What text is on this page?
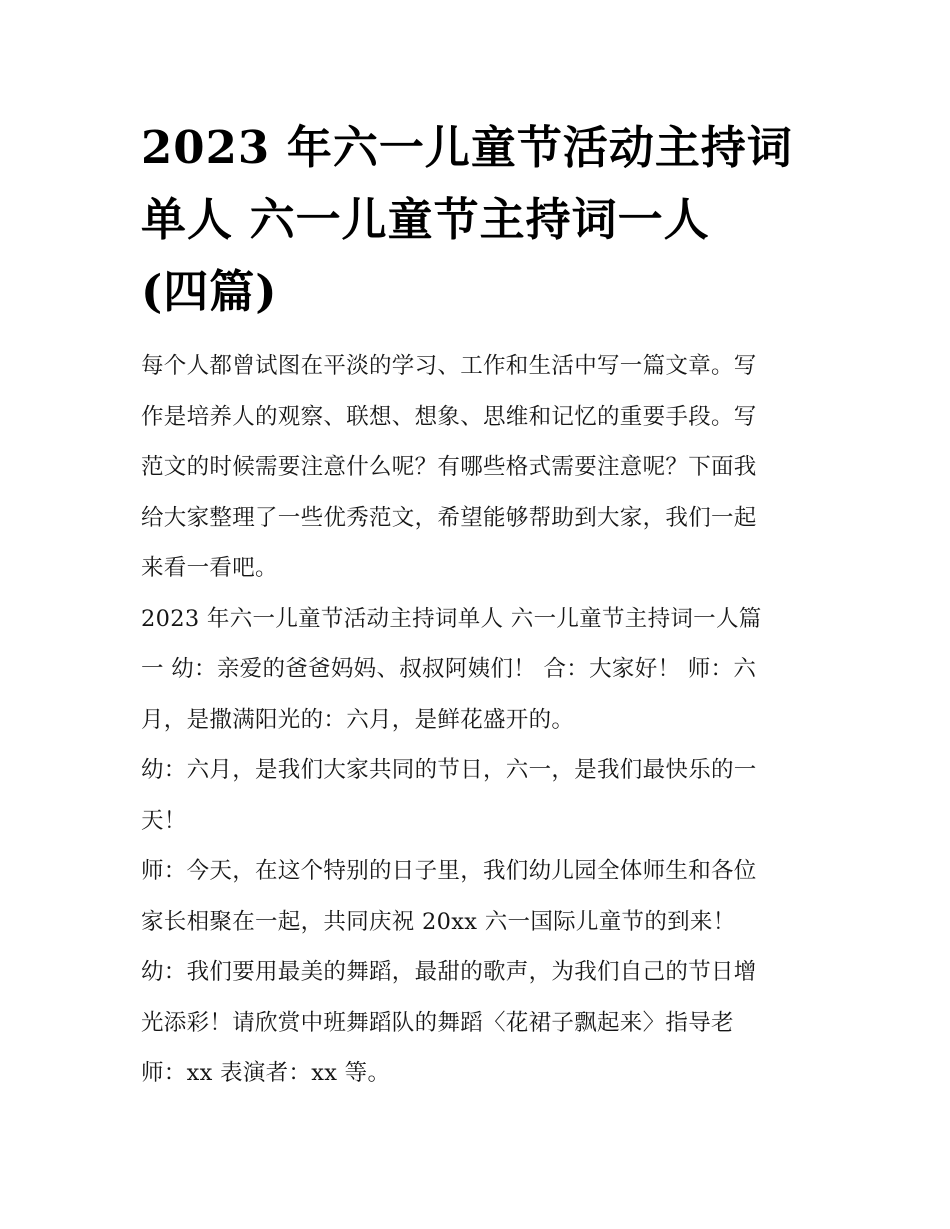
2023 年六一儿童节活动主持词
单人 六一儿童节主持词一人
(四篇)

每个人都曾试图在平淡的学习、工作和生活中写一篇文章。写
作是培养人的观察、联想、想象、思维和记忆的重要手段。写
范文的时候需要注意什么呢？有哪些格式需要注意呢？下面我
给大家整理了一些优秀范文，希望能够帮助到大家，我们一起
来看一看吧。

2023 年六一儿童节活动主持词单人 六一儿童节主持词一人篇
一 幼：亲爱的爸爸妈妈、叔叔阿姨们！ 合：大家好！ 师：六
月，是撒满阳光的：六月，是鲜花盛开的。

幼：六月，是我们大家共同的节日，六一，是我们最快乐的一
天！

师：今天，在这个特别的日子里，我们幼儿园全体师生和各位
家长相聚在一起，共同庆祝 20xx 六一国际儿童节的到来！

幼：我们要用最美的舞蹈，最甜的歌声，为我们自己的节日增
光添彩！请欣赏中班舞蹈队的舞蹈〈花裙子飘起来〉指导老
师：xx 表演者：xx 等。
